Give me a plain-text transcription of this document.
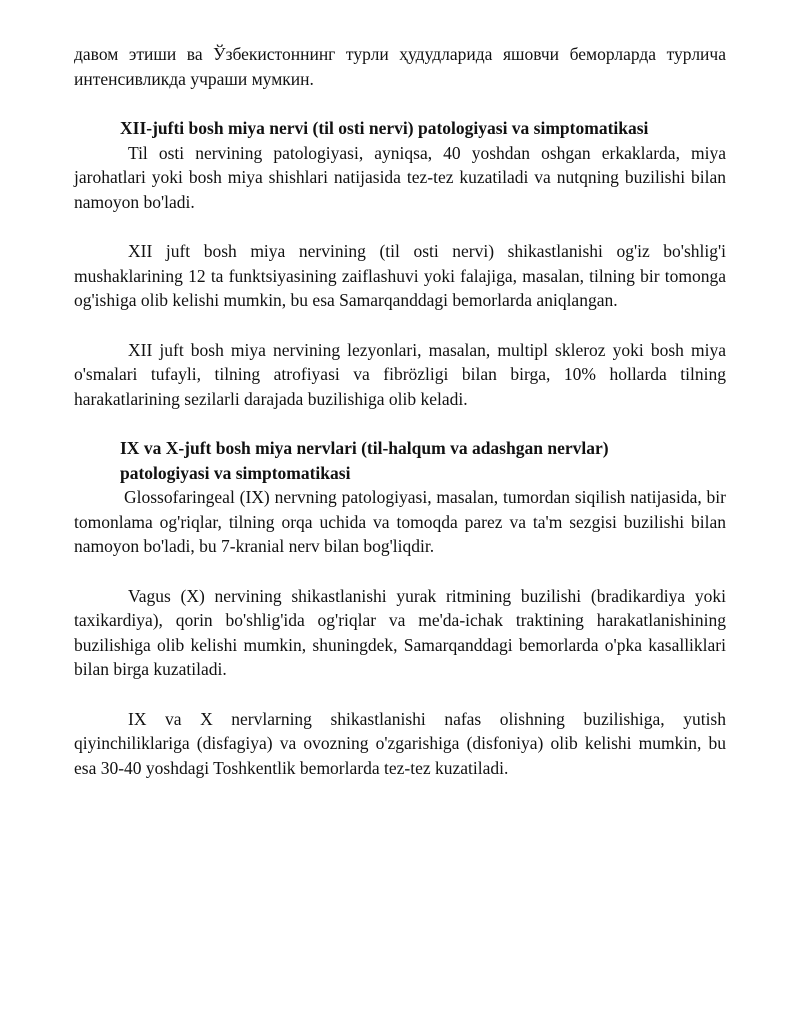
давом этиши ва Ўзбекистоннинг турли ҳудудларида яшовчи беморларда турлича интенсивликда учраши мумкин.

XII-jufti bosh miya nervi (til osti nervi) patologiyasi va simptomatikasi

Til osti nervining patologiyasi, ayniqsa, 40 yoshdan oshgan erkaklarda, miya jarohatlari yoki bosh miya shishlari natijasida tez-tez kuzatiladi va nutqning buzilishi bilan namoyon bo'ladi.

XII juft bosh miya nervining (til osti nervi) shikastlanishi og'iz bo'shlig'i mushaklarining 12 ta funktsiyasining zaiflashuvi yoki falajiga, masalan, tilning bir tomonga og'ishiga olib kelishi mumkin, bu esa Samarqanddagi bemorlarda aniqlangan.

XII juft bosh miya nervining lezyonlari, masalan, multipl skleroz yoki bosh miya o'smalari tufayli, tilning atrofiyasi va fibrözligi bilan birga, 10% hollarda tilning harakatlarining sezilarli darajada buzilishiga olib keladi.

IX va X-juft bosh miya nervlari (til-halqum va adashgan nervlar)

patologiyasi va simptomatikasi

Glossofaringeal (IX) nervning patologiyasi, masalan, tumordan siqilish natijasida, bir tomonlama og'riqlar, tilning orqa uchida va tomoqda parez va ta'm sezgisi buzilishi bilan namoyon bo'ladi, bu 7-kranial nerv bilan bog'liqdir.

Vagus (X) nervining shikastlanishi yurak ritmining buzilishi (bradikardiya yoki taxikardiya), qorin bo'shlig'ida og'riqlar va me'da-ichak traktining harakatlanishining buzilishiga olib kelishi mumkin, shuningdek, Samarqanddagi bemorlarda o'pka kasalliklari bilan birga kuzatiladi.

IX va X nervlarning shikastlanishi nafas olishning buzilishiga, yutish qiyinchiliklariga (disfagiya) va ovozning o'zgarishiga (disfoniya) olib kelishi mumkin, bu esa 30-40 yoshdagi Toshkentlik bemorlarda tez-tez kuzatiladi.
